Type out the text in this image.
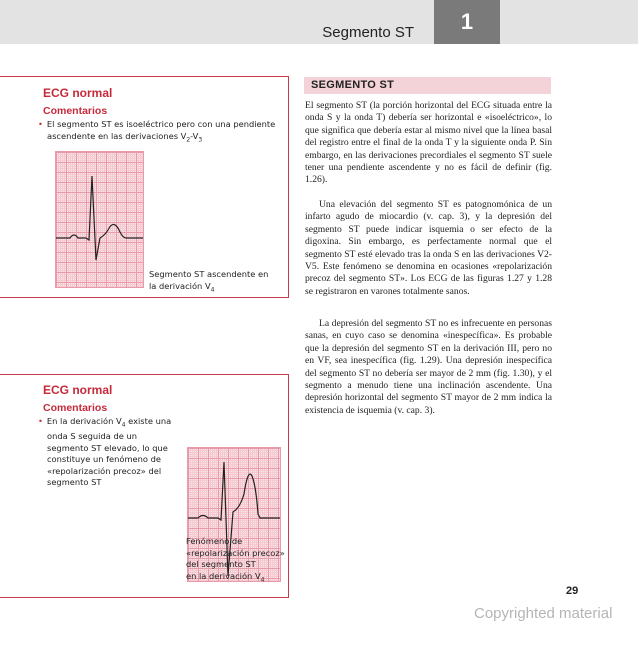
Segmento ST	1
ECG normal
Comentarios
• El segmento ST es isoeléctrico pero con una pendiente
ascendente en las derivaciones $V_2-V_3$
Segmento ST ascendente en
la derivación $V_4$
ECG normal
Comentarios
• En la derivación $V_4$ existe una
onda S seguida de un
segmento ST elevado, lo que
constituye un fenómeno de
«repolarización precoz» del
segmento ST
Fenómeno de
«repolarización precoz»
del segmento ST
en la derivación $V_4$
SEGMENTO ST
El segmento ST (la porción horizontal del ECG situada entre la onda S y la onda T) debería ser horizontal e «isoeléctrico», lo que significa que debería estar al mismo nivel que la línea basal del registro entre el final de la onda T y la siguiente onda P. Sin embargo, en las derivaciones precordiales el segmento ST suele tener una pendiente ascendente y no es fácil de definir (fig. 1.26).
Una elevación del segmento ST es patognomónica de un infarto agudo de miocardio (v. cap. 3), y la depresión del segmento ST puede indicar isquemia o ser efecto de la digoxina. Sin embargo, es perfectamente normal que el segmento ST esté elevado tras la onda S en las derivaciones V2-V5. Este fenómeno se denomina en ocasiones «repolarización precoz del segmento ST». Los ECG de las figuras 1.27 y 1.28 se registraron en varones totalmente sanos.
La depresión del segmento ST no es infrecuente en personas sanas, en cuyo caso se denomina «inespecífica». Es probable que la depresión del segmento ST en la derivación III, pero no en VF, sea inespecífica (fig. 1.29). Una depresión inespecífica del segmento ST no debería ser mayor de 2 mm (fig. 1.30), y el segmento a menudo tiene una inclinación ascendente. Una depresión horizontal del segmento ST mayor de 2 mm indica la existencia de isquemia (v. cap. 3).
29
Copyrighted material
